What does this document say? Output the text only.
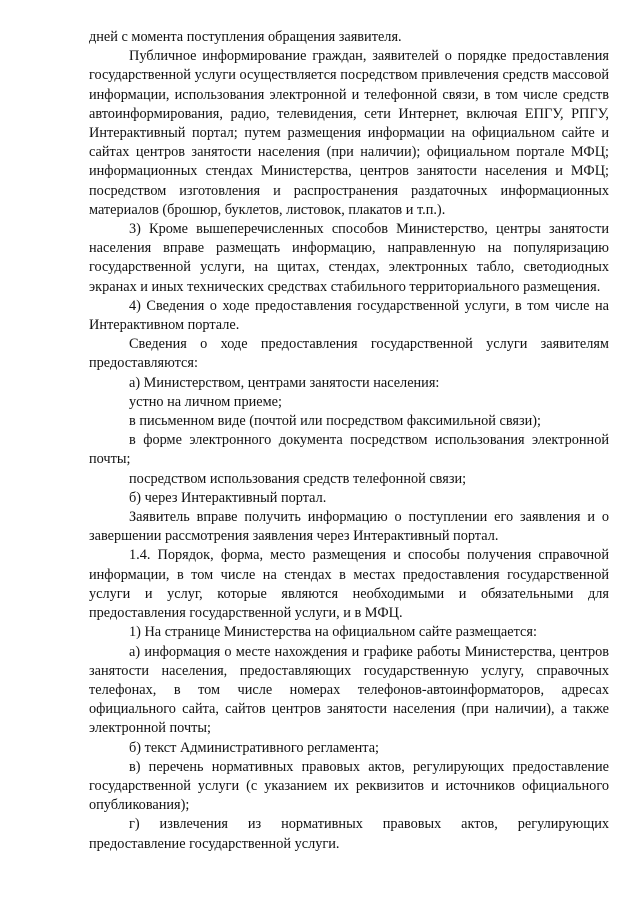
дней с момента поступления обращения заявителя.

Публичное информирование граждан, заявителей о порядке предоставления государственной услуги осуществляется посредством привлечения средств массовой информации, использования электронной и телефонной связи, в том числе средств автоинформирования, радио, телевидения, сети Интернет, включая ЕПГУ, РПГУ, Интерактивный портал; путем размещения информации на официальном сайте и сайтах центров занятости населения (при наличии); официальном портале МФЦ; информационных стендах Министерства, центров занятости населения и МФЦ; посредством изготовления и распространения раздаточных информационных материалов (брошюр, буклетов, листовок, плакатов и т.п.).

3) Кроме вышеперечисленных способов Министерство, центры занятости населения вправе размещать информацию, направленную на популяризацию государственной услуги, на щитах, стендах, электронных табло, светодиодных экранах и иных технических средствах стабильного территориального размещения.

4) Сведения о ходе предоставления государственной услуги, в том числе на Интерактивном портале.

Сведения о ходе предоставления государственной услуги заявителям предоставляются:

а) Министерством, центрами занятости населения:

устно на личном приеме;

в письменном виде (почтой или посредством факсимильной связи);

в форме электронного документа посредством использования электронной почты;

посредством использования средств телефонной связи;

б) через Интерактивный портал.

Заявитель вправе получить информацию о поступлении его заявления и о завершении рассмотрения заявления через Интерактивный портал.

1.4. Порядок, форма, место размещения и способы получения справочной информации, в том числе на стендах в местах предоставления государственной услуги и услуг, которые являются необходимыми и обязательными для предоставления государственной услуги, и в МФЦ.

1) На странице Министерства на официальном сайте размещается:

а) информация о месте нахождения и графике работы Министерства, центров занятости населения, предоставляющих государственную услугу, справочных телефонах, в том числе номерах телефонов-автоинформаторов, адресах официального сайта, сайтов центров занятости населения (при наличии), а также электронной почты;

б) текст Административного регламента;

в) перечень нормативных правовых актов, регулирующих предоставление государственной услуги (с указанием их реквизитов и источников официального опубликования);

г) извлечения из нормативных правовых актов, регулирующих предоставление государственной услуги.
